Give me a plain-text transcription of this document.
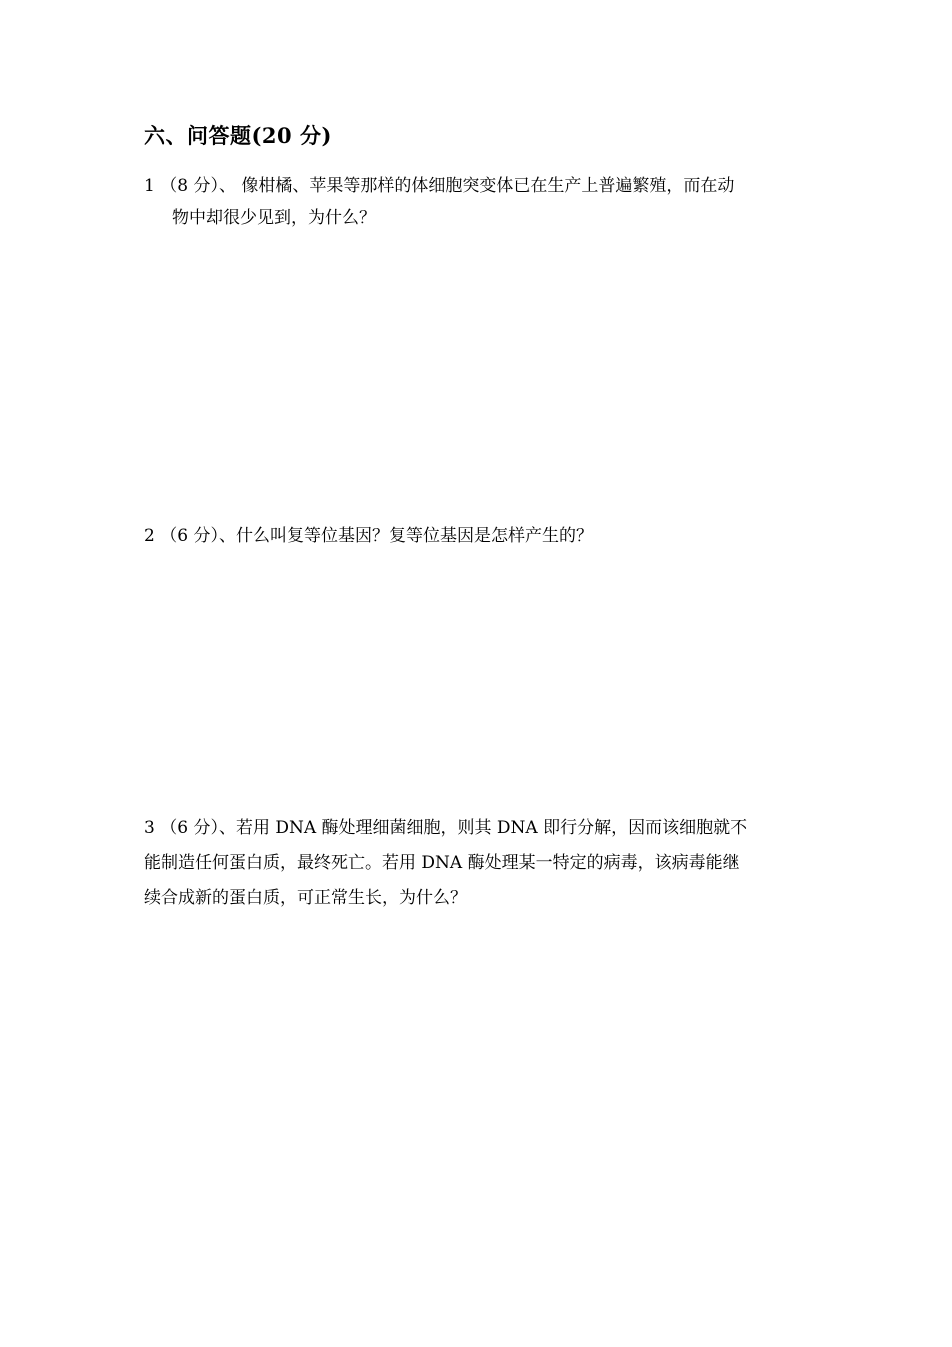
六、问答题(20 分)
1 （8 分）、 像柑橘、苹果等那样的体细胞突变体已在生产上普遍繁殖，而在动
物中却很少见到，为什么？
2 （6 分）、什么叫复等位基因？复等位基因是怎样产生的？
3 （6 分）、若用 DNA 酶处理细菌细胞，则其 DNA 即行分解，因而该细胞就不
能制造任何蛋白质，最终死亡。若用 DNA 酶处理某一特定的病毒，该病毒能继
续合成新的蛋白质，可正常生长，为什么？
